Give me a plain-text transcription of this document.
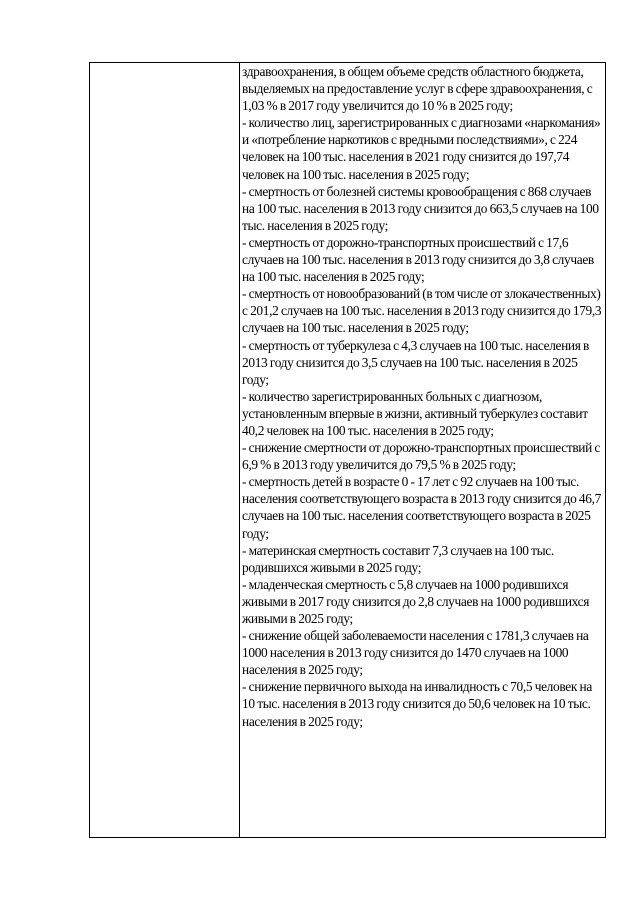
здравоохранения, в общем объеме средств областного бюджета, выделяемых на предоставление услуг в сфере здравоохранения, с 1,03 % в 2017 году увеличится до 10 % в 2025 году;

- количество лиц, зарегистрированных с диагнозами «наркомания» и «потребление наркотиков с вредными последствиями», с 224 человек на 100 тыс. населения в 2021 году снизится до 197,74 человек на 100 тыс. населения в 2025 году;

- смертность от болезней системы кровообращения с 868 случаев на 100 тыс. населения в 2013 году снизится до 663,5 случаев на 100 тыс. населения в 2025 году;

- смертность от дорожно-транспортных происшествий с 17,6 случаев на 100 тыс. населения в 2013 году снизится до 3,8 случаев на 100 тыс. населения в 2025 году;

- смертность от новообразований (в том числе от злокачественных) с 201,2 случаев на 100 тыс. населения в 2013 году снизится до 179,3 случаев на 100 тыс. населения в 2025 году;

- смертность от туберкулеза с 4,3 случаев на 100 тыс. населения в 2013 году снизится до 3,5 случаев на 100 тыс. населения в 2025 году;

- количество зарегистрированных больных с диагнозом, установленным впервые в жизни, активный туберкулез составит 40,2 человек на 100 тыс. населения в 2025 году;

- снижение смертности от дорожно-транспортных происшествий с 6,9 % в 2013 году увеличится до 79,5 % в 2025 году;

- смертность детей в возрасте 0 - 17 лет с 92 случаев на 100 тыс. населения соответствующего возраста в 2013 году снизится до 46,7 случаев на 100 тыс. населения соответствующего возраста в 2025 году;

- материнская смертность составит 7,3 случаев на 100 тыс. родившихся живыми в 2025 году;

- младенческая смертность с 5,8 случаев на 1000 родившихся живыми в 2017 году снизится до 2,8 случаев на 1000 родившихся живыми в 2025 году;

- снижение общей заболеваемости населения с 1781,3 случаев на 1000 населения в 2013 году снизится до 1470 случаев на 1000 населения в 2025 году;

- снижение первичного выхода на инвалидность с 70,5 человек на 10 тыс. населения в 2013 году снизится до 50,6 человек на 10 тыс. населения в 2025 году;
